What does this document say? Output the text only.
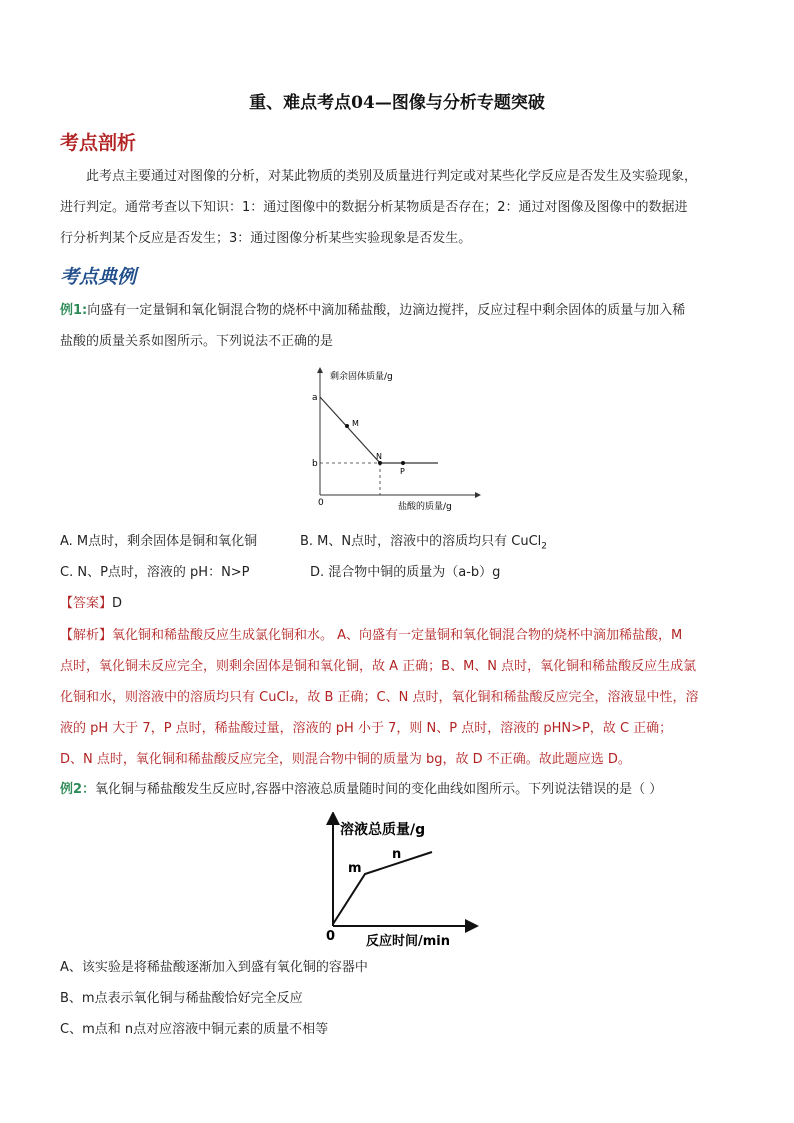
重、难点考点04—图像与分析专题突破
考点剖析
此考点主要通过对图像的分析，对某此物质的类别及质量进行判定或对某些化学反应是否发生及实验现象，
进行判定。通常考查以下知识：1：通过图像中的数据分析某物质是否存在；2：通过对图像及图像中的数据进
行分析判某个反应是否发生；3：通过图像分析某些实验现象是否发生。
考点典例
例1:向盛有一定量铜和氧化铜混合物的烧杯中滴加稀盐酸，边滴边搅拌，反应过程中剩余固体的质量与加入稀
盐酸的质量关系如图所示。下列说法不正确的是
剩余固体质量/g
盐酸的质量/g
0
a
b
M
N
P
A. M点时，剩余固体是铜和氧化铜	B. M、N点时，溶液中的溶质均只有 CuCl$_2$
C. N、P点时，溶液的 pH：N>P	D. 混合物中铜的质量为（a-b）g
【答案】D
【解析】氧化铜和稀盐酸反应生成氯化铜和水。 A、向盛有一定量铜和氧化铜混合物的烧杯中滴加稀盐酸，M
点时，氧化铜未反应完全，则剩余固体是铜和氧化铜，故 A 正确；B、M、N 点时，氧化铜和稀盐酸反应生成氯
化铜和水，则溶液中的溶质均只有 CuCl₂，故 B 正确；C、N 点时，氧化铜和稀盐酸反应完全，溶液显中性，溶
液的 pH 大于 7，P 点时，稀盐酸过量，溶液的 pH 小于 7，则 N、P 点时，溶液的 pHN>P，故 C 正确；
D、N 点时，氧化铜和稀盐酸反应完全，则混合物中铜的质量为 bg，故 D 不正确。故此题应选 D。
例2：氧化铜与稀盐酸发生反应时,容器中溶液总质量随时间的变化曲线如图所示。下列说法错误的是（ ）
溶液总质量/g
反应时间/min
0
m
n
A、该实验是将稀盐酸逐渐加入到盛有氧化铜的容器中
B、m点表示氧化铜与稀盐酸恰好完全反应
C、m点和 n点对应溶液中铜元素的质量不相等
